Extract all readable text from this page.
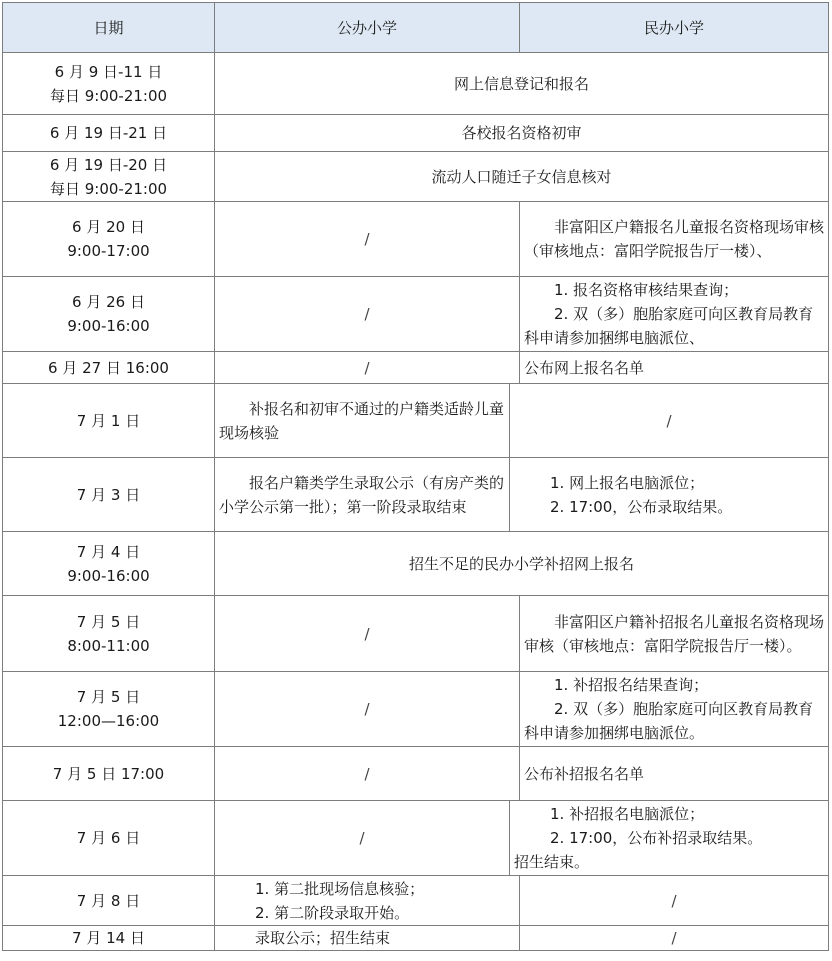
日期	公办小学		民办小学

6 月 9 日-11 日
每日 9:00-21:00	网上信息登记和报名		

6 月 19 日-21 日	各校报名资格初审		

6 月 19 日-20 日
每日 9:00-21:00	流动人口随迁子女信息核对		

6 月 20 日
9:00-17:00	/		非富阳区户籍报名儿童报名资格现场审核（审核地点：富阳学院报告厅一楼）、

6 月 26 日
9:00-16:00	/		1. 报名资格审核结果查询；
2. 双（多）胞胎家庭可向区教育局教育科申请参加捆绑电脑派位、

6 月 27 日 16:00	/		公布网上报名名单

7 月 1 日	补报名和初审不通过的户籍类适龄儿童现场核验	/	

7 月 3 日	报名户籍类学生录取公示（有房产类的小学公示第一批）；第一阶段录取结束	1. 网上报名电脑派位；
2. 17:00，公布录取结果。	

7 月 4 日
9:00-16:00	招生不足的民办小学补招网上报名		

7 月 5 日
8:00-11:00	/		非富阳区户籍补招报名儿童报名资格现场审核（审核地点：富阳学院报告厅一楼）。

7 月 5 日
12:00—16:00	/		1. 补招报名结果查询；
2. 双（多）胞胎家庭可向区教育局教育科申请参加捆绑电脑派位。

7 月 5 日 17:00	/		公布补招报名名单

7 月 6 日	/	1. 补招报名电脑派位；
2. 17:00，公布补招录取结果。
招生结束。	

7 月 8 日	1. 第二批现场信息核验；
2. 第二阶段录取开始。		/

7 月 14 日	录取公示；招生结束		/
